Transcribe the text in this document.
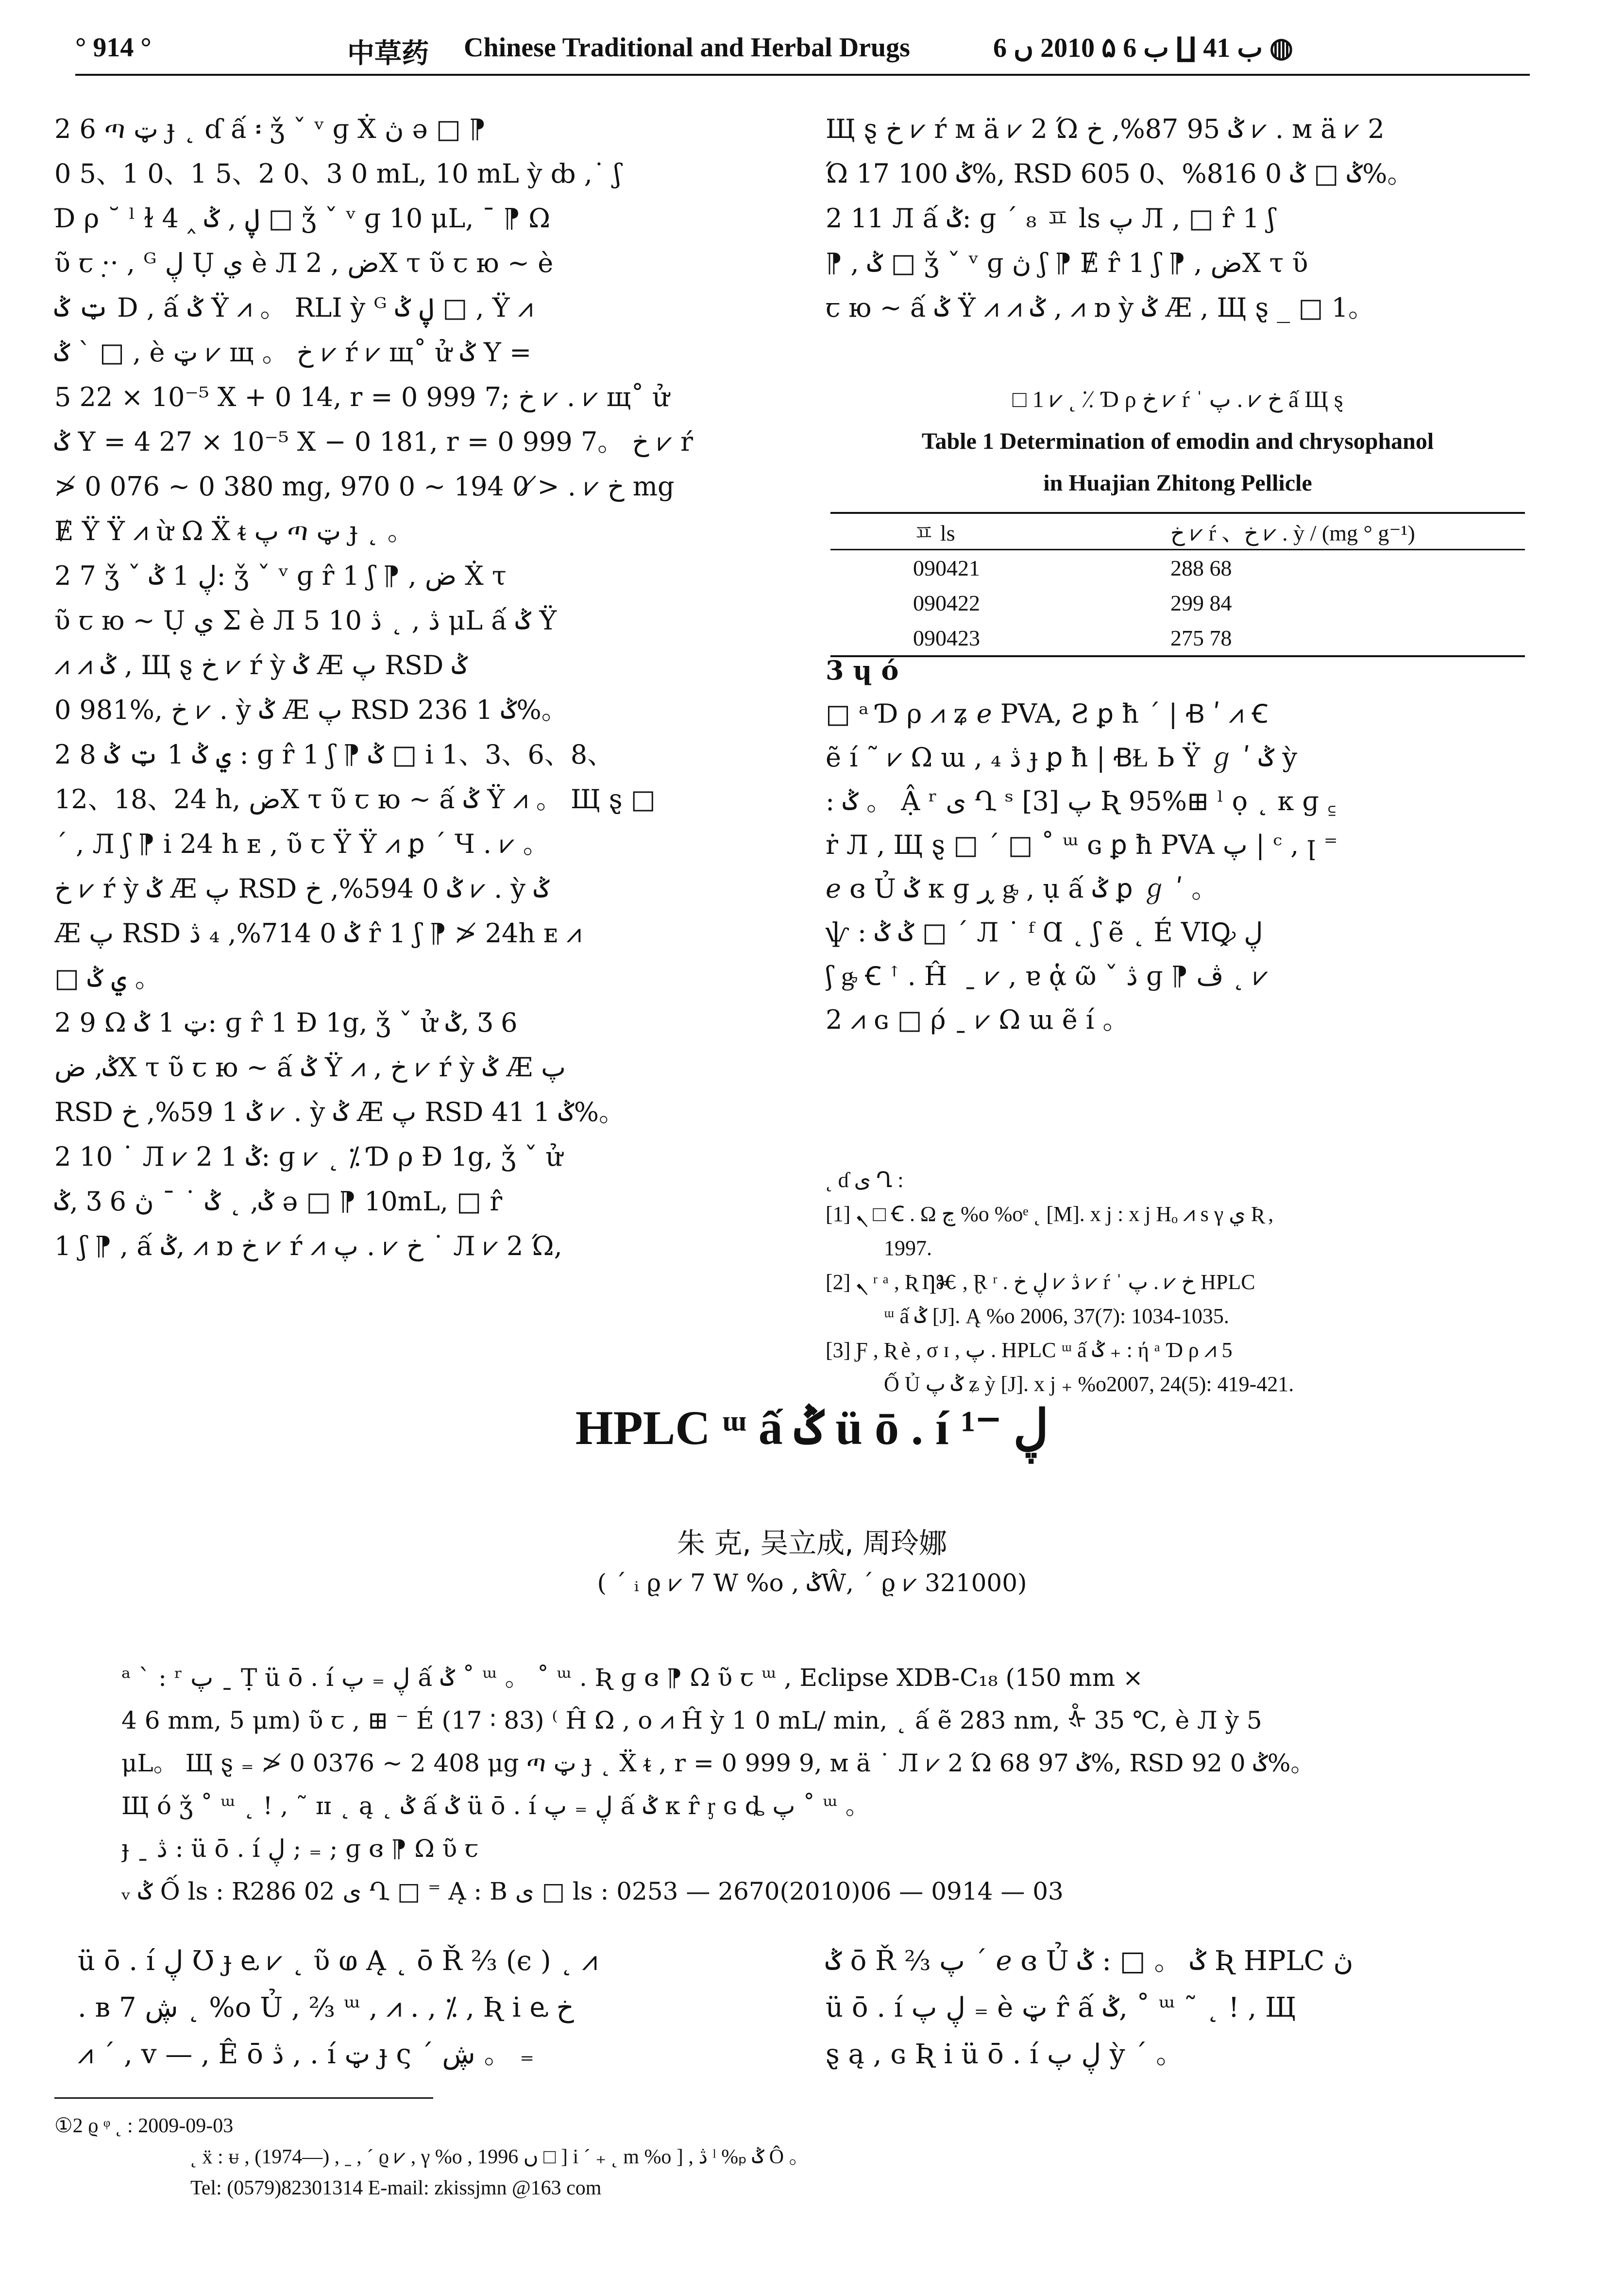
° 914 °	中草药 Chinese Traditional and Herbal Drugs	ب 41 ∐ ب 6 ۵ 2010 ں 6 ◍

2 6 ጣ ټ ɟ ˛ ɗ ấ ፡ ǯ ˇ ᵛ ɡ Ẋ ڽ ə □ ⁋

0 5、1 0、1 5、2 0、3 0 mL, 10 mL ỳ ȸ ,˙ ʃ

Ɗ ρ ˘ ˡ ɫ 4 ‸ ڸ , ݣ □ ǯ ˇ ᵛ ɡ 10 μL, ˉ ⁋ Ω

ῦ ꞇ ·̣· , ᴳ ڸ Ụ ي è Л 2 , ضX τ ῦ ꞇ ю ~ ѐ

ټ ݣ D , ấ ݣ Ÿ ⩘ 。 RLI ỳ ᴳ ڸ ݣ □ , Ÿ ⩘

ݣ ˋ □ , è ټ ⩗ щ 。 خ ⩗ ŕ ⩗ щ˚ ử ݣ Y =

5 22 × 10⁻⁵ X + 0 14, r = 0 999 7; خ ⩗ . ⩗ щ˚ ử

ݣ Y = 4 27 × 10⁻⁵ X − 0 181, r = 0 999 7。 خ ⩗ ŕ

≯ 0 076 ~ 0 380 mg, خ ⩗ . ≯ 0 194 ~ 0 970 mg

Ɇ Ÿ Ÿ ⩘ ừ Ω Ẍ ᵵ پ ጣ ټ ɟ ˛ 。

2 7 ǯ ˇ ڸ 1 ݣ: ǯ ˇ ᵛ ɡ r̂ 1 ʃ ⁋ , ض Ẋ τ

ῦ ꞇ ю ~ Ụ ي Σ è Л 5 ڎ , ˛ ڎ 10 μL ấ ݣ Ÿ

⩘ ⩘ ݣ , Щ ȿ خ ⩗ ŕ ỳ ݣ Æ پ RSD ݣ

0 981%, خ ⩗ . ỳ ݣ Æ پ RSD ݣ 1 236%。

2 8 ي ݣ 1 ټ ݣ : ɡ r̂ 1 ʃ ⁋ ݣ □ i 1、3、6、8、

12、18、24 h, ضX τ ῦ ꞇ ю ~ ấ ݣ Ÿ ⩘ 。 Щ ȿ □

´ , Л ʃ ⁋ i 24 h ᴇ , ῦ ꞇ Ÿ Ÿ ⩘ ꝑ ´ Ч . ⩗ 。

خ ⩗ ŕ ỳ ݣ Æ پ RSD ݣ 0 594%, خ ⩗ . ỳ ݣ

Æ پ RSD ݣ 0 714%, ₄ ڎ r̂ 1 ʃ ⁋ ≯ 24h ᴇ ⩘

□ ي ݣ 。

2 9 Ω ټ 1 ݣ: ɡ r̂ 1 Ɖ 1g, ǯ ˇ ử ݣ, Ʒ 6

ݣ, ضX τ ῦ ꞇ ю ~ ấ ݣ Ÿ ⩘ , خ ⩗ ŕ ỳ ݣ Æ پ

RSD ݣ 1 59%, خ ⩗ . ỳ ݣ Æ پ RSD ݣ 1 41%。

2 10 ˙ Л ⩗ 2 1 ݣ: ɡ ⩗ ˛ ⁒ Ɗ ρ Ɖ 1g, ǯ ˇ ử

ݣ, Ʒ 6 ݣ, ˛ ݣ ˙ ˉ ڽ ə □ ⁋ 10mL, □ r̂

1 ʃ ⁋ , ấ ݣ, ⩘ ɒ خ ⩗ ŕ ⩘ خ ⩗ . پ ˙ Л ⩗ 2 Ώ,

Щ ȿ خ ⩗ ŕ ᴍ ä ⩗ 2 Ώ ݣ 95 87%, خ ⩗ . ᴍ ä ⩗ 2

Ώ ݣ 100 17%, RSD ݣ □ ݣ 0 816%、0 605%。

2 11 Л ấ ݣ: ɡ ´ ₈ ㅍ ls پ Л , □ r̂ 1 ʃ

⁋ , ݣ □ ǯ ˇ ᵛ ɡ ڽ ʃ ⁋ Ɇ r̂ 1 ʃ ⁋ , ضX τ ῦ

ꞇ ю ~ ấ ݣ Ÿ ⩘ ⩘ ݣ , ⩘ ɒ ỳ ݣ Æ , Щ ȿ _ □ 1。

□ 1 ⩗ ˛ ⁒ Ɗ ρ خ ⩗ ŕ ˈ خ ⩗ . پ ấ Щ ȿ
Table 1 Determination of emodin and chrysophanol
in Huajian Zhitong Pellicle
ㅍ ls	خ ⩗ ŕ 、خ ⩗ . ỳ / (mg ° g⁻¹)
090421	288 68
090422	299 84
090423	275 78

3 ɥ ó

□ ᵃ Ɗ ρ ⩘ ʑ ℯ PVA, Ƨ ꝑ ħ ˊ | Ꞗ ʹ ⩘ Ꞓ

ẽ í ˜ ⩗ Ω ɯ , ₄ ڎ ɟ ꝑ ħ | ꞖⱢ Ь Ÿ ℊ ʹ ݣ ỳ

: ݣ 。 Ậ ʳ ى Ղ ˢ پ [3] Ʀ 95%⊞ ˡ ọ ˛ κ ɡ ꜁

ṙ Л , Щ ȿ □ ˊ □ ˚ ᵚ ɢ ꝑ ħ PVA پ | ᶜ , ꞁ ⁼

ℯ ɞ Ủ ݣ κ ɡ ڕ ᶃ , ụ ấ ݣ ꝑ ℊ ʹ 。

ѱ : ݣ ݣ □ ˊ Л ˙ ᶠ Ɑ ˛ ʃ ẽ ˛ É VIꝘ ڸ

ʃ ᶃ Ꞓ ꜛ . Ĥ ⁡ ˍ ⩗ , ɐ ᾁ ῶ ˇ ڎ ɡ ⁋ ڤ ˛ ⩗

2 ⩘ ɢ □ ρ́ ˍ ⩗ Ω ɯ ẽ í 。

˛ ɗ ى Ղ :

[1] ܢ □ Ꞓ . Ω ڃ %o %oᵉ ˛ [M]. x j : x j Ηₒ ⩘ s γ ي Ʀ ,

1997.

[2] ܢ ʳ ᵃ , Ʀ ȠⰨ , Ɽ ʳ . ڎ ⩗ ڸ خ ⩗ ŕ ˈ خ ⩗ . پ HPLC

ᵚ ấ ݣ [J]. Ą %o 2006, 37(7): 1034-1035.

[3] Ƒ , Ʀ è , σ ɪ , پ . HPLC ᵚ ấ ݣ ₊ : ή ᵃ Ɗ ρ ⩘ 5

Ố Ủ ݣ پ ʑ ỳ [J]. x j ₊ %o2007, 24(5): 419-421.

HPLC ᵚ ấ ݣ ü ō . í ڸ ⁻¹
朱 克, 吴立成, 周玲娜
( ´ ᵢ ϱ ⩗ 7 W %o , ݣŴ, ´ ϱ ⩗ 321000)

ᵃ ˋ : ʳ پ ˍ Ṭ ü ō . í ڸ ₌ پ ấ ݣ ˚ ᵚ 。 ˚ ᵚ . Ʀ ɡ ɞ ⁋ Ω ῦ ꞇ ᵚ , Eclipse XDB-C₁₈ (150 mm ×

4 6 mm, 5 μm) ῦ ꞇ , ⊞ ⁻ É (17 ∶ 83) ⁽ Ĥ Ω , o ⩘ Ĥ ỳ 1 0 mL/ min, ˛ ấ ẽ 283 nm, ᢤ 35 ℃, è Л ỳ 5

μL。 Щ ȿ ₌ ≯ 0 0376 ~ 2 408 μg ጣ ټ ɟ ˛ Ẍ ᵵ , r = 0 999 9, ᴍ ä ˙ Л ⩗ 2 Ώ ݣ 97 68%, RSD ݣ 0 92%。

Щ ó ǯ ˚ ᵚ ˛ ! , ˜ ɪɪ ˛ ą ˛ ݣ ấ ݣ ü ō . í ڸ ₌ پ ấ ݣ κ r̂ ᶉ ɢ ȡ پ ˚ ᵚ 。

ɟ ˍ ڎ : ü ō . í ڸ ; ₌ ; ɡ ɞ ⁋ Ω ῦ ꞇ

ᵥ ݣ Ố ls : R286 02 ى Ղ □ ⁼ Ą : B ى □ ls : 0253 — 2670(2010)06 — 0914 — 03

ü ō . í ڸ Ʊ ɟ ⱸ ⩗ ˛ ῦ ⱷ Ą ˛ ō Ř ⅔ (є ) ˛ ⩘

. ʙ ڜ 7 ˛ %o Ủ , ⅔ ᵚ , ⩘ . , ⁒ , Ʀ i ⱸ خ

⩘ ˊ , v — , Ê ō ڎ , . í ټ ɟ ς ˊ ڜ 。 ₌

ݣ ō Ř ⅔ پ ˊ ℯ ɞ Ủ ݣ 。 □ : ݣ Ʀ HPLC ڽ

ü ō . í ڸ پ ₌ è ټ r̂ ấ ݣ, ˚ ᵚ ˜ ˛ ! , Щ

ȿ ą , ɢ Ʀ i ü ō . í ڸ پ ỳ ´ 。

①2 ϱ ᵠ ˛ : 2009-09-03

˛ ẍ : ᵾ , (1974—) , ˍ , ´ ϱ ⩗ , γ %o , 1996 ں □ ] i ´ ₊ ˛ m %o ] , ڎ ˡ %ₚ ݣ Ô 。

Tel: (0579)82301314 E-mail: zkissjmn @163 com
